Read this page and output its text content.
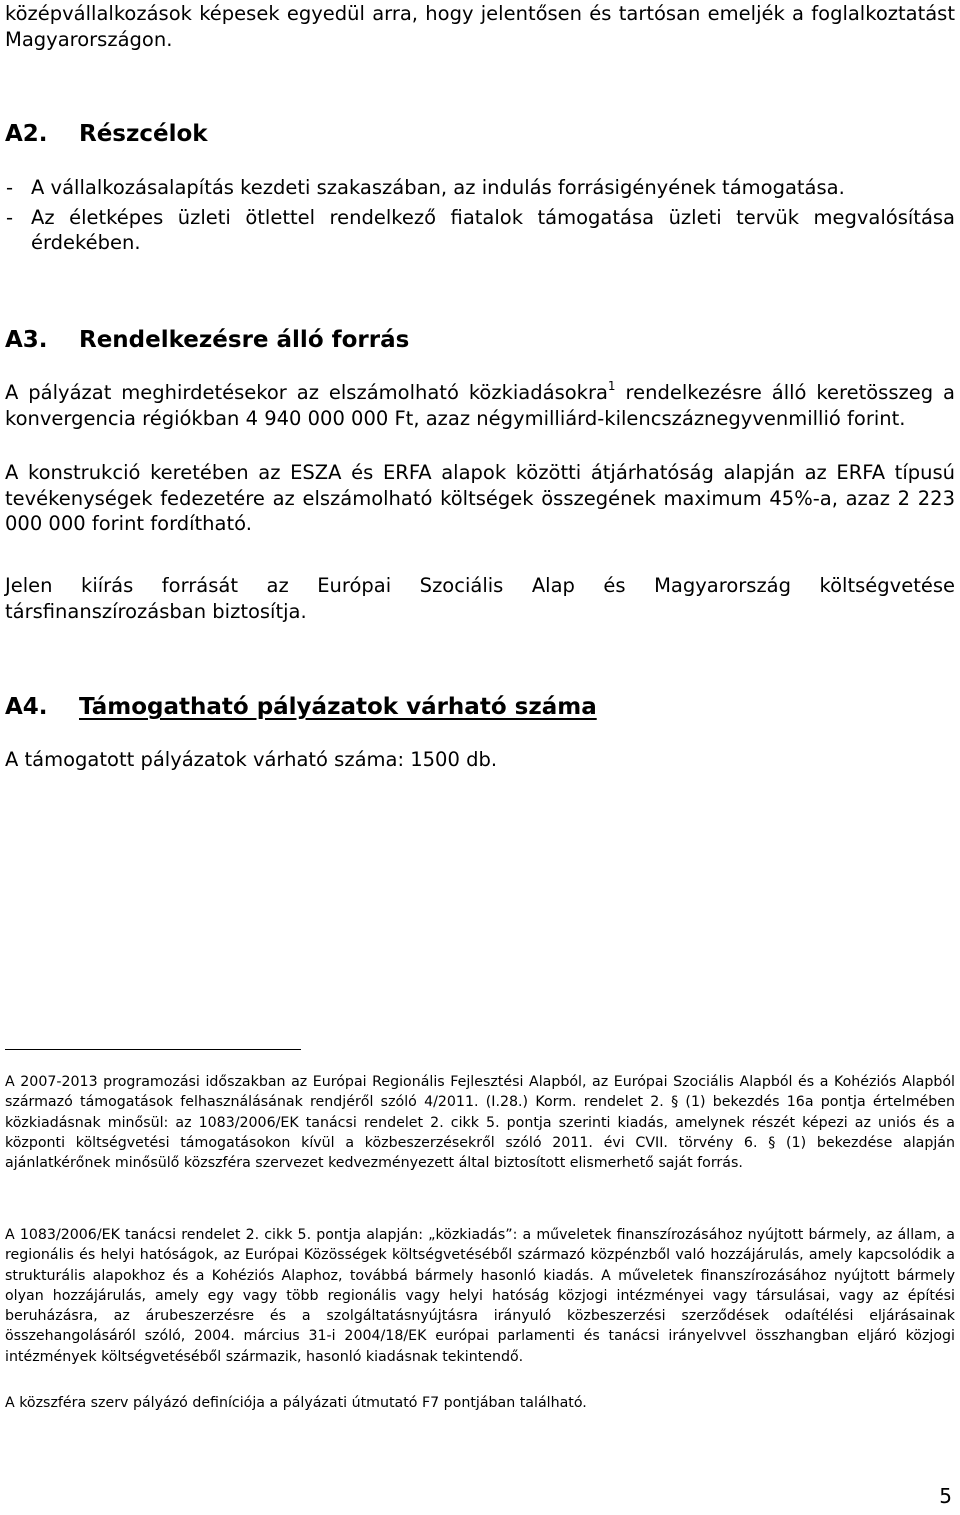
középvállalkozások képesek egyedül arra, hogy jelentősen és tartósan emeljék a foglalkoztatást Magyarországon.

A2.	Részcélok
- A vállalkozásalapítás kezdeti szakaszában, az indulás forrásigényének támogatása.
- Az életképes üzleti ötlettel rendelkező fiatalok támogatása üzleti tervük megvalósítása érdekében.
A3.	Rendelkezésre álló forrás

A pályázat meghirdetésekor az elszámolható közkiadásokra$^1$ rendelkezésre álló keretösszeg a konvergencia régiókban 4 940 000 000 Ft, azaz négymilliárd-kilencszáznegyvenmillió forint.

A konstrukció keretében az ESZA és ERFA alapok közötti átjárhatóság alapján az ERFA típusú tevékenységek fedezetére az elszámolható költségek összegének maximum 45%-a, azaz 2 223 000 000 forint fordítható.

Jelen kiírás forrását az Európai Szociális Alap és Magyarország költségvetése társfinanszírozásban biztosítja.

A4.	Támogatható pályázatok várható száma

A támogatott pályázatok várható száma: 1500 db.

A 2007-2013 programozási időszakban az Európai Regionális Fejlesztési Alapból, az Európai Szociális Alapból és a Kohéziós Alapból származó támogatások felhasználásának rendjéről szóló 4/2011. (I.28.) Korm. rendelet 2. § (1) bekezdés 16a pontja értelmében közkiadásnak minősül: az 1083/2006/EK tanácsi rendelet 2. cikk 5. pontja szerinti kiadás, amelynek részét képezi az uniós és a központi költségvetési támogatásokon kívül a közbeszerzésekről szóló 2011. évi CVII. törvény 6. § (1) bekezdése alapján ajánlatkérőnek minősülő közszféra szervezet kedvezményezett által biztosított elismerhető saját forrás.
A 1083/2006/EK tanácsi rendelet 2. cikk 5. pontja alapján: „közkiadás”: a műveletek finanszírozásához nyújtott bármely, az állam, a regionális és helyi hatóságok, az Európai Közösségek költségvetéséből származó közpénzből való hozzájárulás, amely kapcsolódik a strukturális alapokhoz és a Kohéziós Alaphoz, továbbá bármely hasonló kiadás. A műveletek finanszírozásához nyújtott bármely olyan hozzájárulás, amely egy vagy több regionális vagy helyi hatóság közjogi intézményei vagy társulásai, vagy az építési beruházásra, az árubeszerzésre és a szolgáltatásnyújtásra irányuló közbeszerzési szerződések odaítélési eljárásainak összehangolásáról szóló, 2004. március 31-i 2004/18/EK európai parlamenti és tanácsi irányelvvel összhangban eljáró közjogi intézmények költségvetéséből származik, hasonló kiadásnak tekintendő.
A közszféra szerv pályázó definíciója a pályázati útmutató F7 pontjában található.
5
